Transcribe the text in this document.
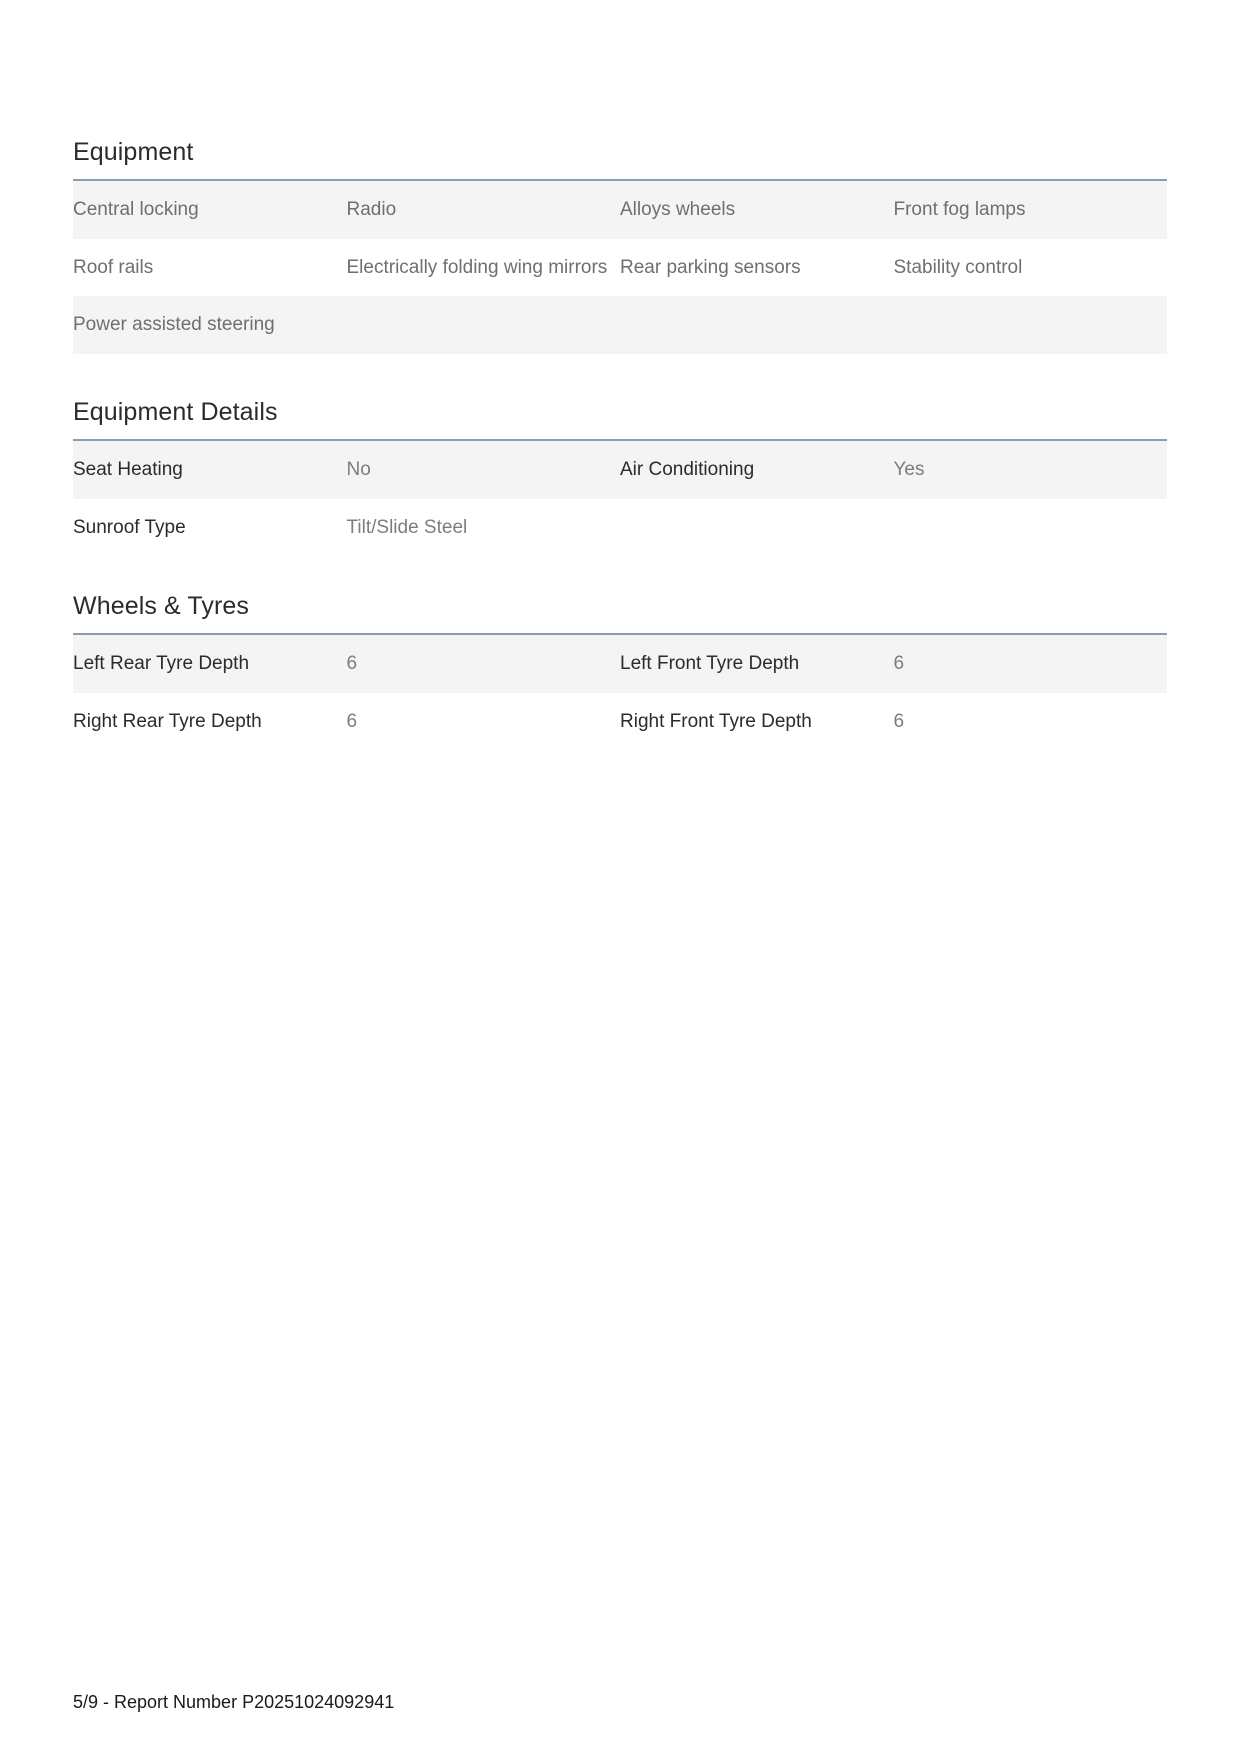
Equipment
Central locking	Radio	Alloys wheels	Front fog lamps
Roof rails	Electrically folding wing mirrors	Rear parking sensors	Stability control
Power assisted steering			
Equipment Details
Seat Heating	No	Air Conditioning	Yes
Sunroof Type	Tilt/Slide Steel		
Wheels & Tyres
Left Rear Tyre Depth	6	Left Front Tyre Depth	6
Right Rear Tyre Depth	6	Right Front Tyre Depth	6
5/9 - Report Number P20251024092941
